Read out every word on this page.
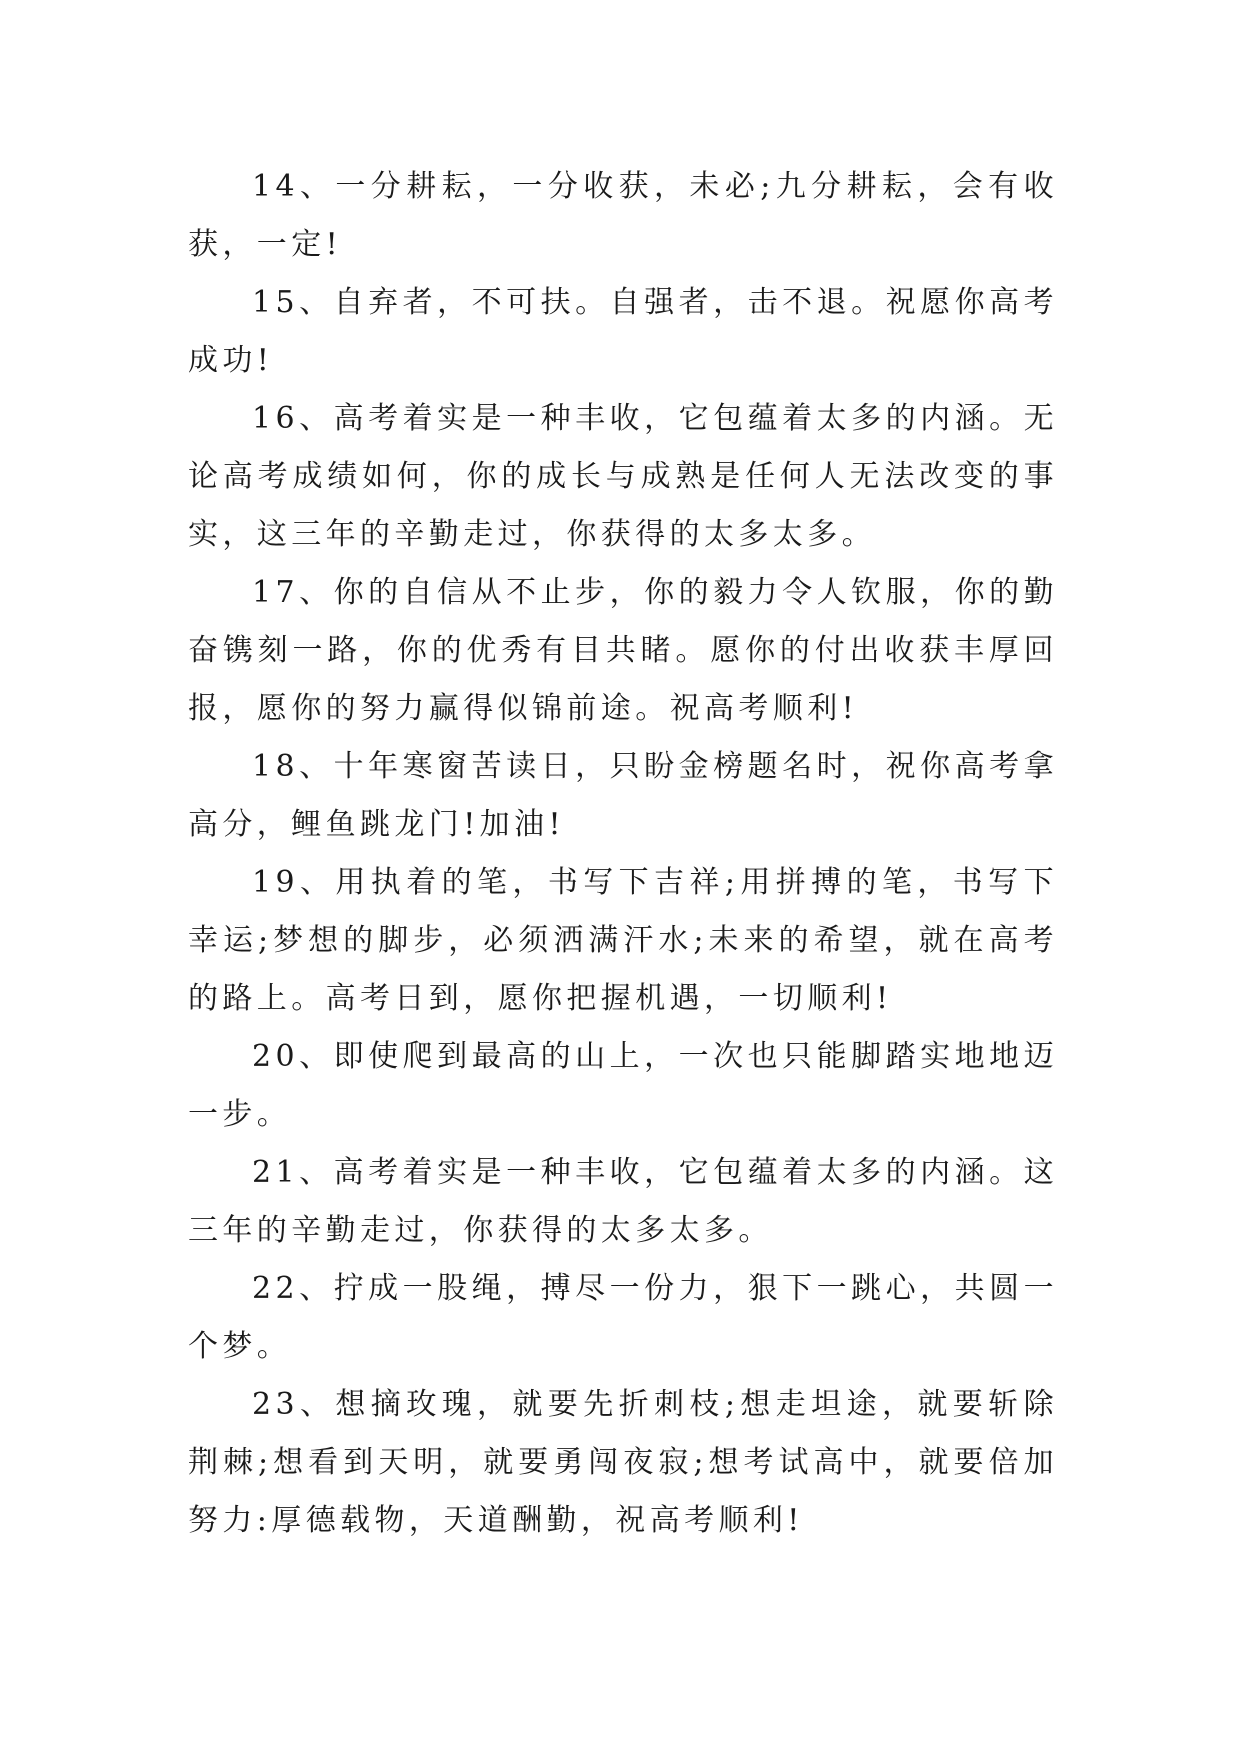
14、一分耕耘，一分收获，未必;九分耕耘，会有收获，一定!

15、自弃者，不可扶。自强者，击不退。祝愿你高考成功!

16、高考着实是一种丰收，它包蕴着太多的内涵。无论高考成绩如何，你的成长与成熟是任何人无法改变的事实，这三年的辛勤走过，你获得的太多太多。

17、你的自信从不止步，你的毅力令人钦服，你的勤奋镌刻一路，你的优秀有目共睹。愿你的付出收获丰厚回报，愿你的努力赢得似锦前途。祝高考顺利!

18、十年寒窗苦读日，只盼金榜题名时，祝你高考拿高分，鲤鱼跳龙门!加油!

19、用执着的笔，书写下吉祥;用拼搏的笔，书写下幸运;梦想的脚步，必须洒满汗水;未来的希望，就在高考的路上。高考日到，愿你把握机遇，一切顺利!

20、即使爬到最高的山上，一次也只能脚踏实地地迈一步。

21、高考着实是一种丰收，它包蕴着太多的内涵。这三年的辛勤走过，你获得的太多太多。

22、拧成一股绳，搏尽一份力，狠下一跳心，共圆一个梦。

23、想摘玫瑰，就要先折刺枝;想走坦途，就要斩除荆棘;想看到天明，就要勇闯夜寂;想考试高中，就要倍加努力:厚德载物，天道酬勤，祝高考顺利!
